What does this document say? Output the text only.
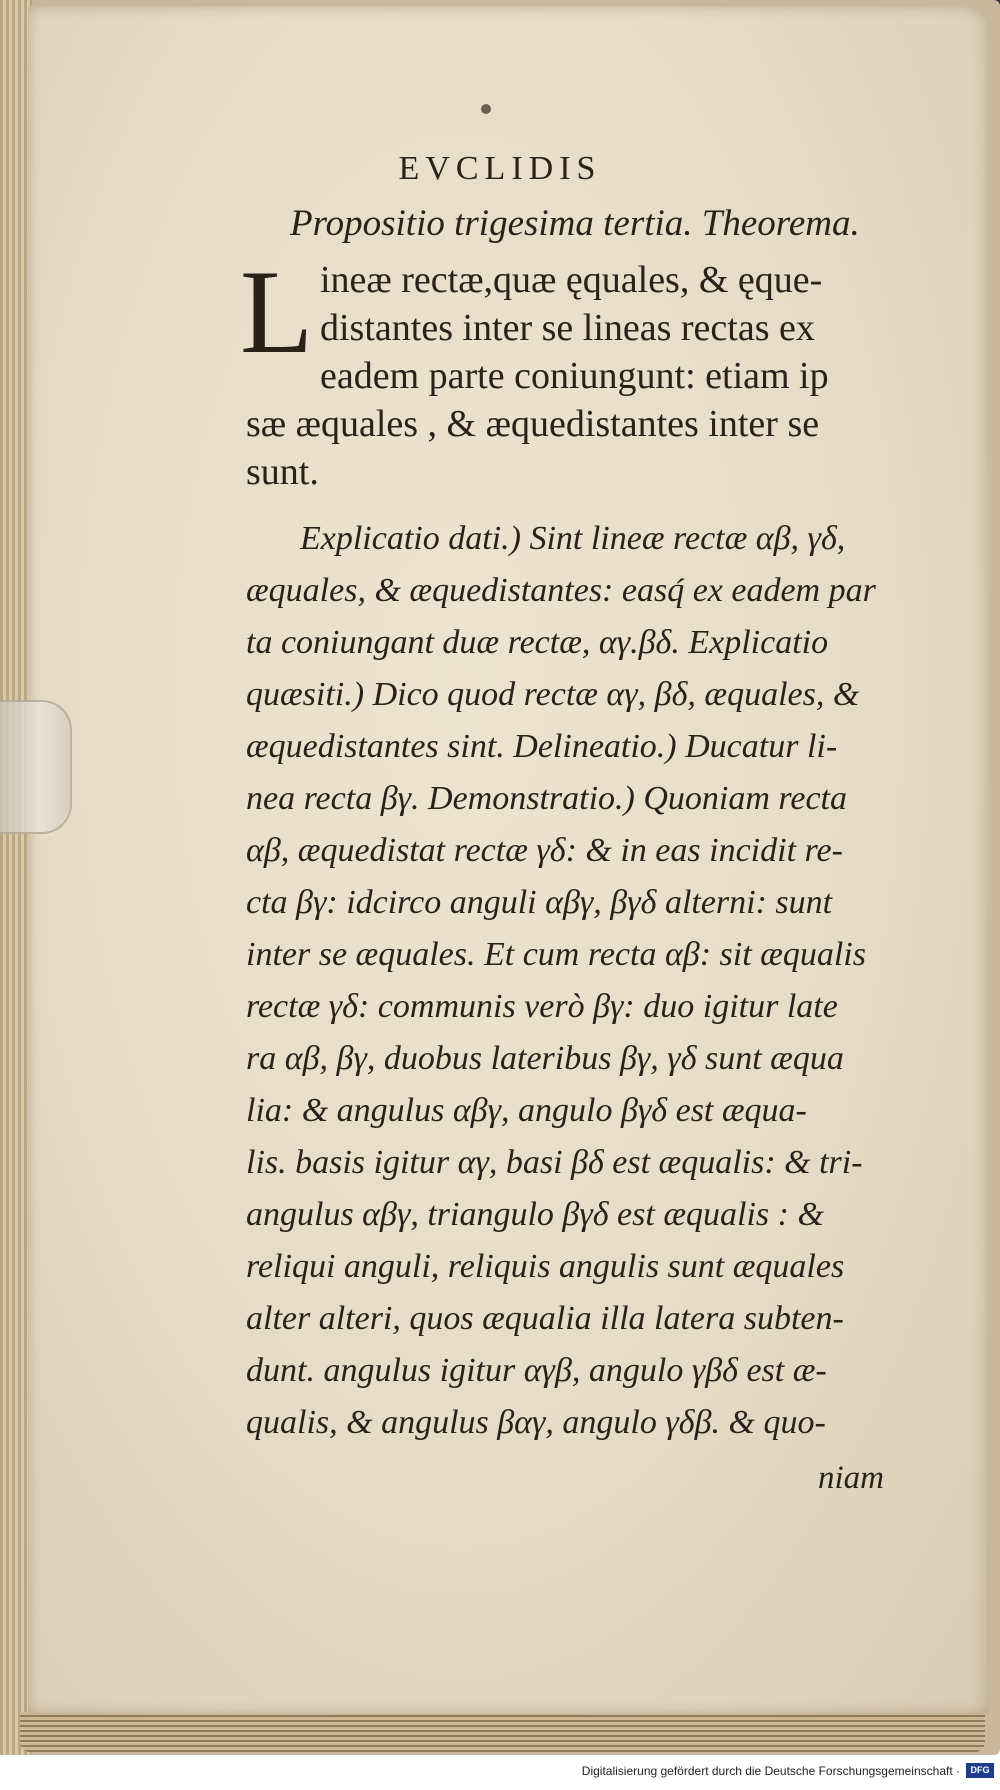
EVCLIDIS
Propositio trigesima tertia. Theorema.
L ineæ rectæ,quæ ęquales, & ęque-
distantes inter se lineas rectas ex
eadem parte coniungunt: etiam ip
sæ æquales , & æquedistantes inter se
sunt.
Explicatio dati.) Sint lineæ rectæ αβ, γδ,
æquales, & æquedistantes: easq́ ex eadem par
ta coniungant duæ rectæ, αγ.βδ. Explicatio
quæsiti.) Dico quod rectæ αγ, βδ, æquales, &
æquedistantes sint. Delineatio.) Ducatur li-
nea recta βγ. Demonstratio.) Quoniam recta
αβ, æquedistat rectæ γδ: & in eas incidit re-
cta βγ: idcirco anguli αβγ, βγδ alterni: sunt
inter se æquales. Et cum recta αβ: sit æqualis
rectæ γδ: communis verò βγ: duo igitur late
ra αβ, βγ, duobus lateribus βγ, γδ sunt æqua
lia: & angulus αβγ, angulo βγδ est æqua-
lis. basis igitur αγ, basi βδ est æqualis: & tri-
angulus αβγ, triangulo βγδ est æqualis : &
reliqui anguli, reliquis angulis sunt æquales
alter alteri, quos æqualia illa latera subten-
dunt. angulus igitur αγβ, angulo γβδ est æ-
qualis, & angulus βαγ, angulo γδβ. & quo-
niam
Digitalisierung gefördert durch die Deutsche Forschungsgemeinschaft ·	DFG
